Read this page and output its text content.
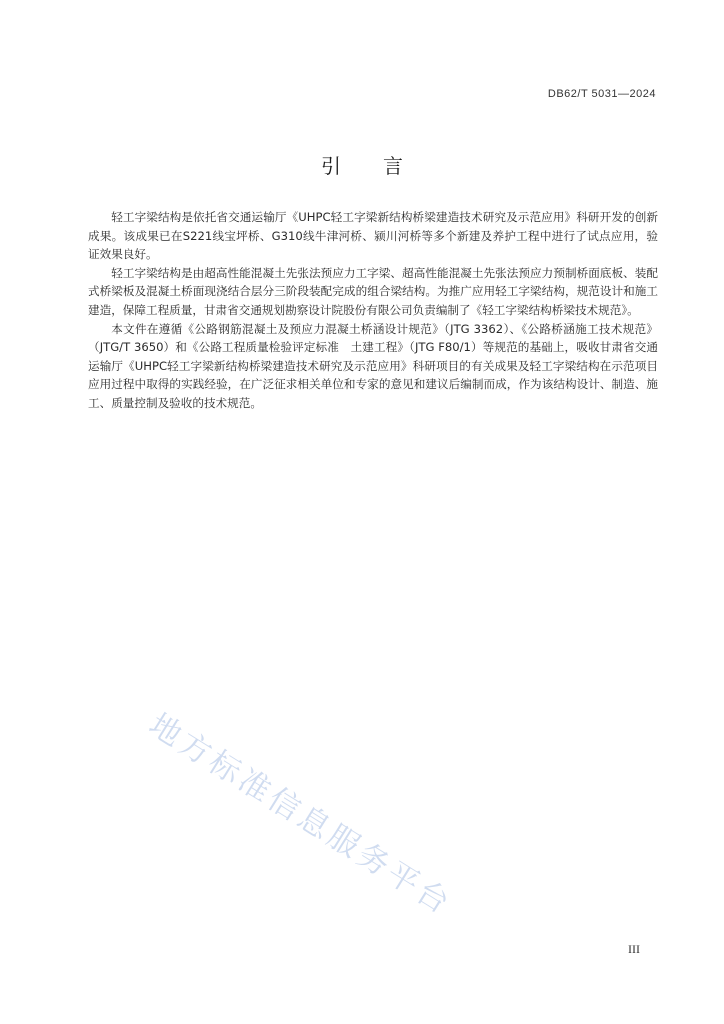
DB62/T 5031—2024
引言

轻工字梁结构是依托省交通运输厅《UHPC轻工字梁新结构桥梁建造技术研究及示范应用》科研开发的创新成果。该成果已在S221线宝坪桥、G310线牛津河桥、颍川河桥等多个新建及养护工程中进行了试点应用，验证效果良好。

轻工字梁结构是由超高性能混凝土先张法预应力工字梁、超高性能混凝土先张法预应力预制桥面底板、装配式桥梁板及混凝土桥面现浇结合层分三阶段装配完成的组合梁结构。为推广应用轻工字梁结构，规范设计和施工建造，保障工程质量，甘肃省交通规划勘察设计院股份有限公司负责编制了《轻工字梁结构桥梁技术规范》。

本文件在遵循《公路钢筋混凝土及预应力混凝土桥涵设计规范》（JTG 3362）、《公路桥涵施工技术规范》（JTG/T 3650）和《公路工程质量检验评定标准　土建工程》（JTG F80/1）等规范的基础上，吸收甘肃省交通运输厅《UHPC轻工字梁新结构桥梁建造技术研究及示范应用》科研项目的有关成果及轻工字梁结构在示范项目应用过程中取得的实践经验，在广泛征求相关单位和专家的意见和建议后编制而成，作为该结构设计、制造、施工、质量控制及验收的技术规范。

地方标准信息服务平台
III
